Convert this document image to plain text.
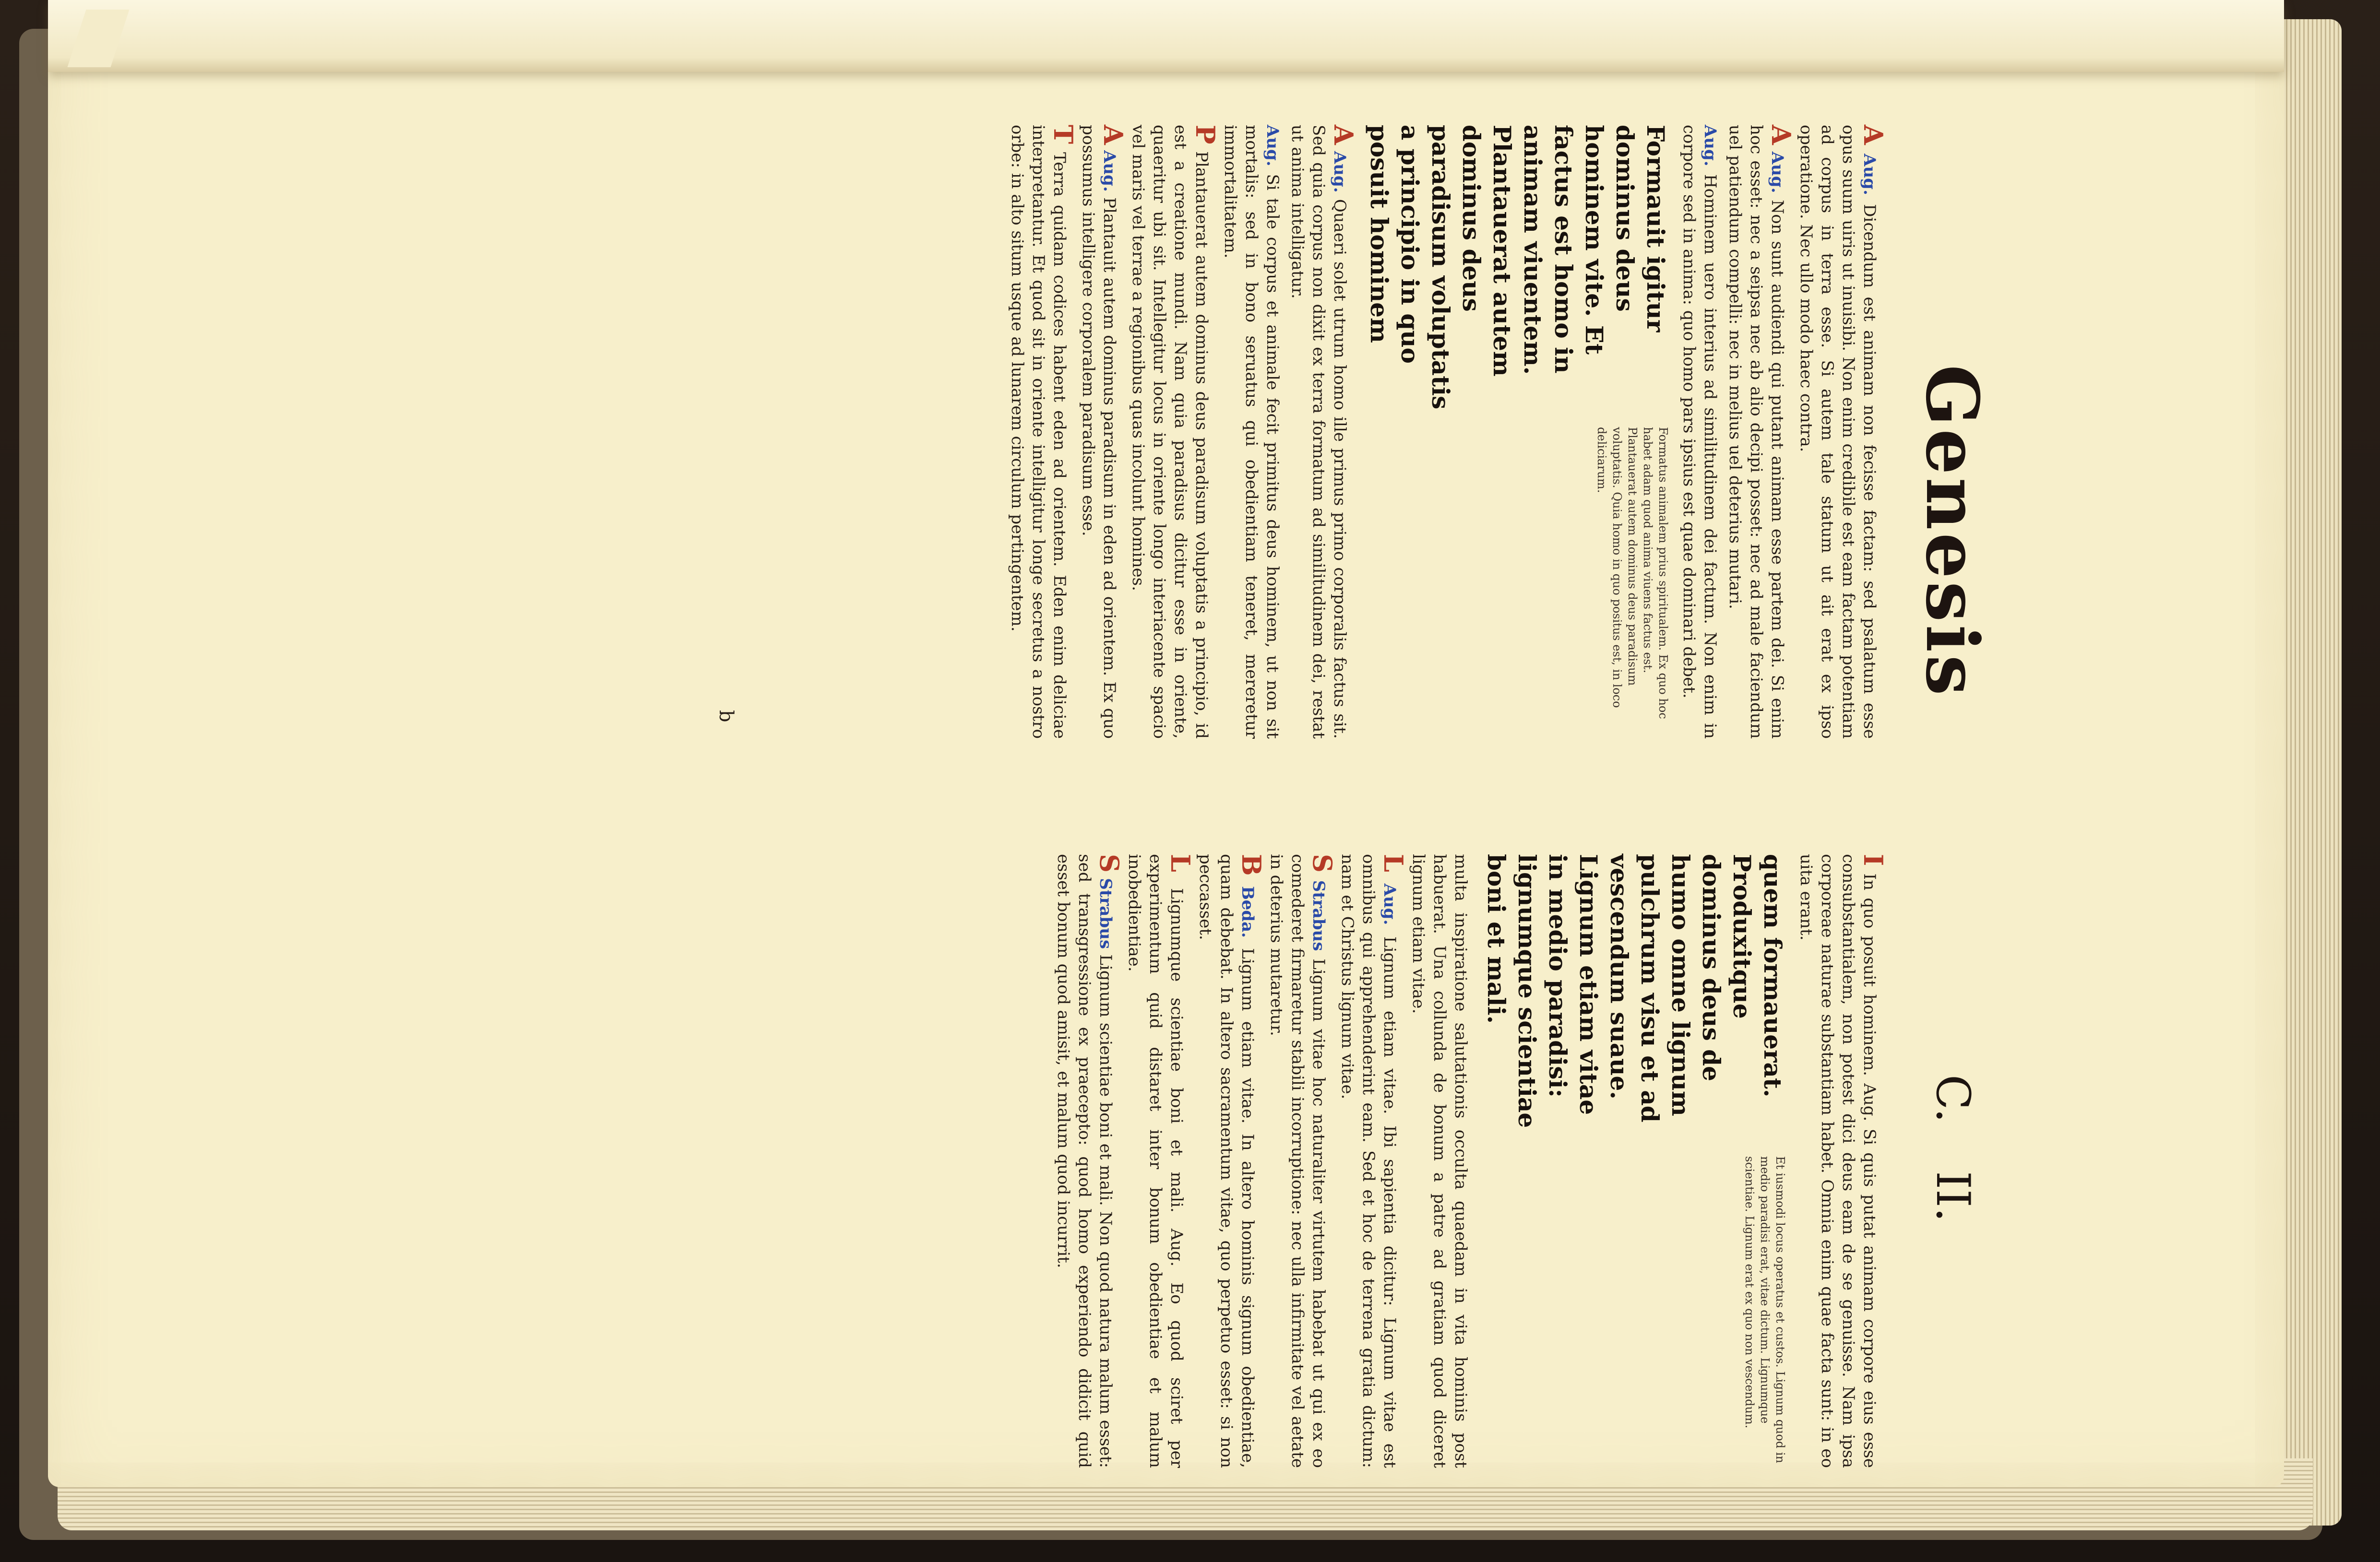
Genesis
C. II.

A Aug. Dicendum est animam non fecisse factam: sed psalatum esse opus suum uiris ut inuisibi. Non enim credibile est eam factam potentiam ad corpus in terra esse. Si autem tale statum ut ait erat ex ipso operatione. Nec ullo modo haec contra.

A Aug. Non sunt audiendi qui putant animam esse partem dei. Si enim hoc esset: nec a seipsa nec ab alio decipi posset: nec ad male faciendum uel patiendum compelli: nec in melius uel deterius mutari.

Aug. Hominem uero interius ad similitudinem dei factum. Non enim in corpore sed in anima: quo homo pars ipsius est quae dominari debet.

Formauit igitur dominus deus hominem vite. Et factus est homo in animam viuentem. Plantauerat autem dominus deus paradisum voluptatis a principio in quo posuit hominem
Formatus animalem prius spiritualem. Ex quo hoc habet adam quod anima viuens factus est. Plantauerat autem dominus deus paradisum voluptatis. Quia homo in quo positus est, in loco deliciarum.

A Aug. Quaeri solet utrum homo ille primus primo corporalis factus sit. Sed quia corpus non dixit ex terra formatum ad similitudinem dei, restat ut anima intelligatur.

Aug. Si tale corpus et animale fecit primitus deus hominem, ut non sit mortalis: sed in bono seruatus qui obedientiam teneret, mereretur immortalitatem.

P Plantauerat autem dominus deus paradisum voluptatis a principio, id est a creatione mundi. Nam quia paradisus dicitur esse in oriente, quaeritur ubi sit. Intellegitur locus in oriente longo interiacente spacio vel maris vel terrae a regionibus quas incolunt homines.

A Aug. Plantauit autem dominus paradisum in eden ad orientem. Ex quo possumus intelligere corporalem paradisum esse.

T Terra quidam codices habent eden ad orientem. Eden enim deliciae interpretantur. Et quod sit in oriente intelligitur longe secretus a nostro orbe: in alto situm usque ad lunarem circulum pertingentem.

I In quo posuit hominem. Aug. Si quis putat animam corpore eius esse consubstantialem, non potest dici deus eam de se genuisse. Nam ipsa corporeae naturae substantiam habet. Omnia enim quae facta sunt: in eo uita erant.

quem formauerat. Produxitque dominus deus de humo omne lignum pulchrum visu et ad vescendum suaue. Lignum etiam vitae in medio paradisi: lignumque scientiae boni et mali.
Et iusmodi locus operatus et custos. Lignum quod in medio paradisi erat, vitae dictum. Lignumque scientiae. Lignum erat ex quo non vescendum.

multa inspiratione salutationis occulta quaedam in vita hominis post habuerat. Una collunda de bonum a patre ad gratiam quod diceret lignum etiam vitae.

L Aug. Lignum etiam vitae. Ibi sapientia dicitur: Lignum vitae est omnibus qui apprehenderint eam. Sed et hoc de terrena gratia dictum: nam et Christus lignum vitae.

S Strabus Lignum vitae hoc naturaliter virtutem habebat ut qui ex eo comederet firmaretur stabili incorruptione: nec ulla infirmitate vel aetate in deterius mutaretur.

B Beda. Lignum etiam vitae. In altero hominis signum obedientiae, quam debebat. In altero sacramentum vitae, quo perpetuo esset: si non peccasset.

L Lignumque scientiae boni et mali. Aug. Eo quod sciret per experimentum quid distaret inter bonum obedientiae et malum inobedientiae.

S Strabus Lignum scientiae boni et mali. Non quod natura malum esset: sed transgressione ex praecepto: quod homo experiendo didicit quid esset bonum quod amisit, et malum quod incurrit.

b
